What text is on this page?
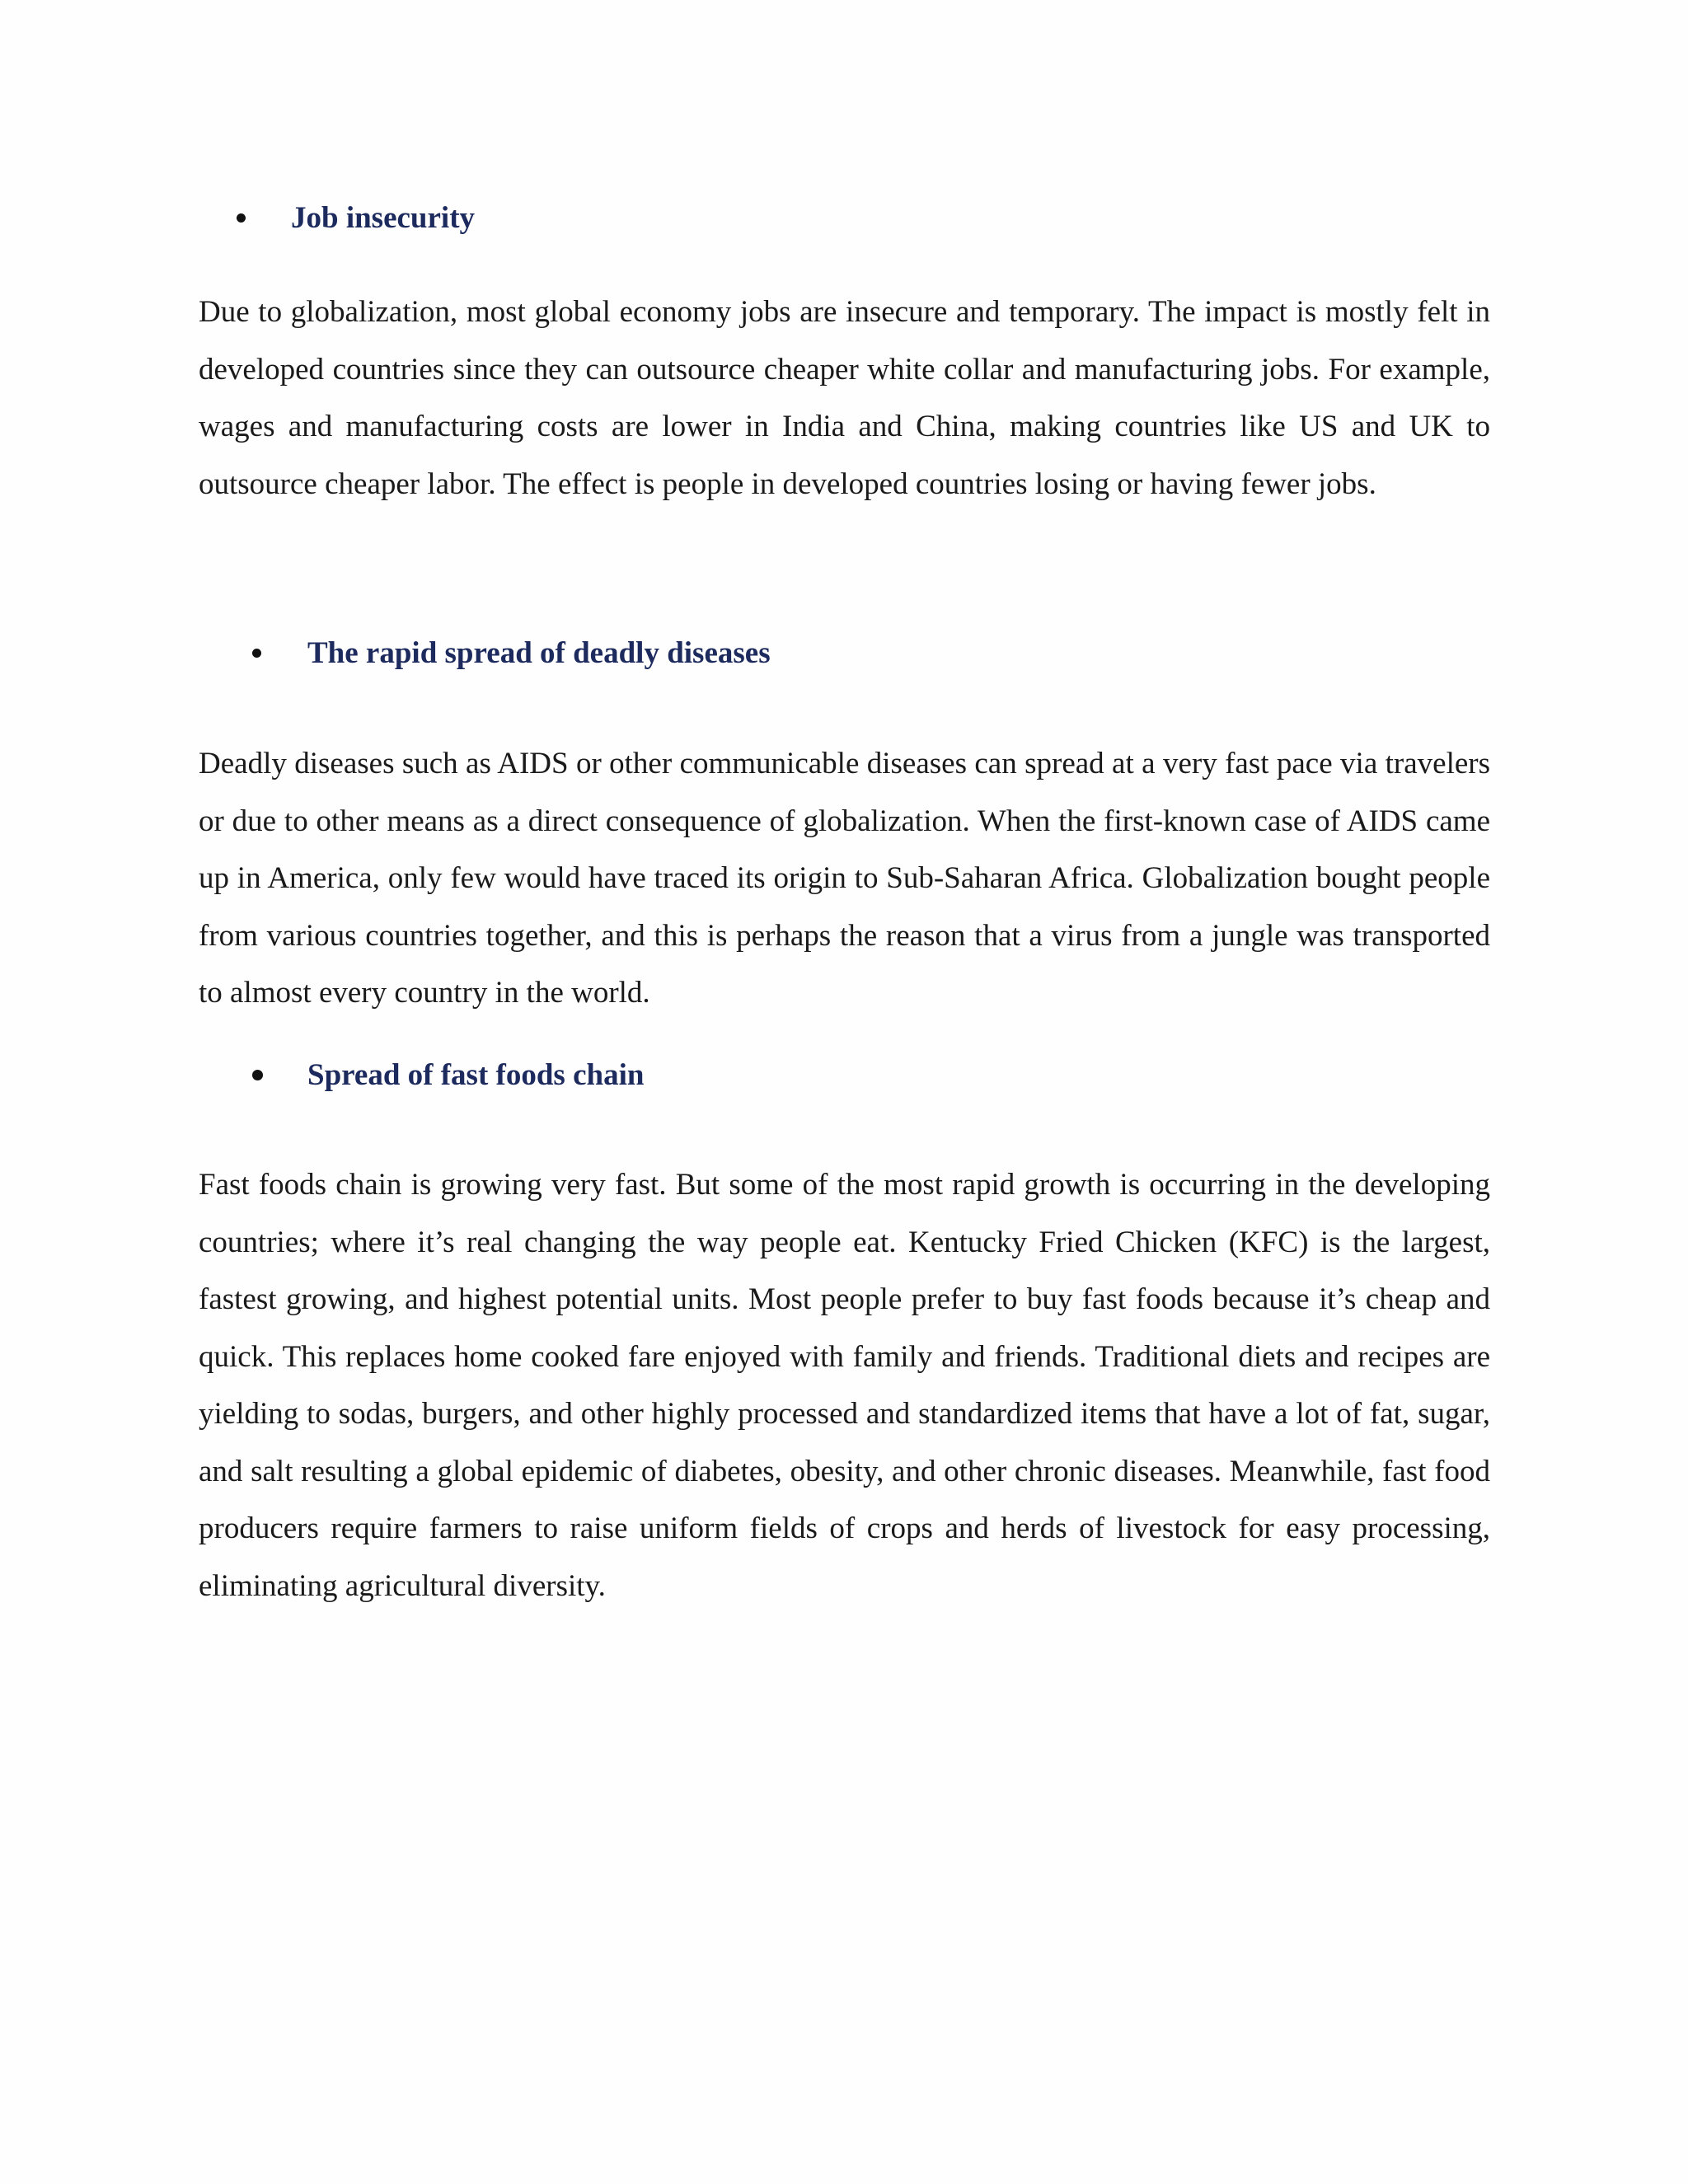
Job insecurity

Due to globalization, most global economy jobs are insecure and temporary. The impact is mostly felt in developed countries since they can outsource cheaper white collar and manufacturing jobs. For example, wages and manufacturing costs are lower in India and China, making countries like US and UK to outsource cheaper labor. The effect is people in developed countries losing or having fewer jobs.

The rapid spread of deadly diseases

Deadly diseases such as AIDS or other communicable diseases can spread at a very fast pace via travelers or due to other means as a direct consequence of globalization. When the first-known case of AIDS came up in America, only few would have traced its origin to Sub-Saharan Africa. Globalization bought people from various countries together, and this is perhaps the reason that a virus from a jungle was transported to almost every country in the world.

Spread of fast foods chain

Fast foods chain is growing very fast. But some of the most rapid growth is occurring in the developing countries; where it’s real changing the way people eat. Kentucky Fried Chicken (KFC) is the largest, fastest growing, and highest potential units. Most people prefer to buy fast foods because it’s cheap and quick. This replaces home cooked fare enjoyed with family and friends. Traditional diets and recipes are yielding to sodas, burgers, and other highly processed and standardized items that have a lot of fat, sugar, and salt resulting a global epidemic of diabetes, obesity, and other chronic diseases. Meanwhile, fast food producers require farmers to raise uniform fields of crops and herds of livestock for easy processing, eliminating agricultural diversity.
